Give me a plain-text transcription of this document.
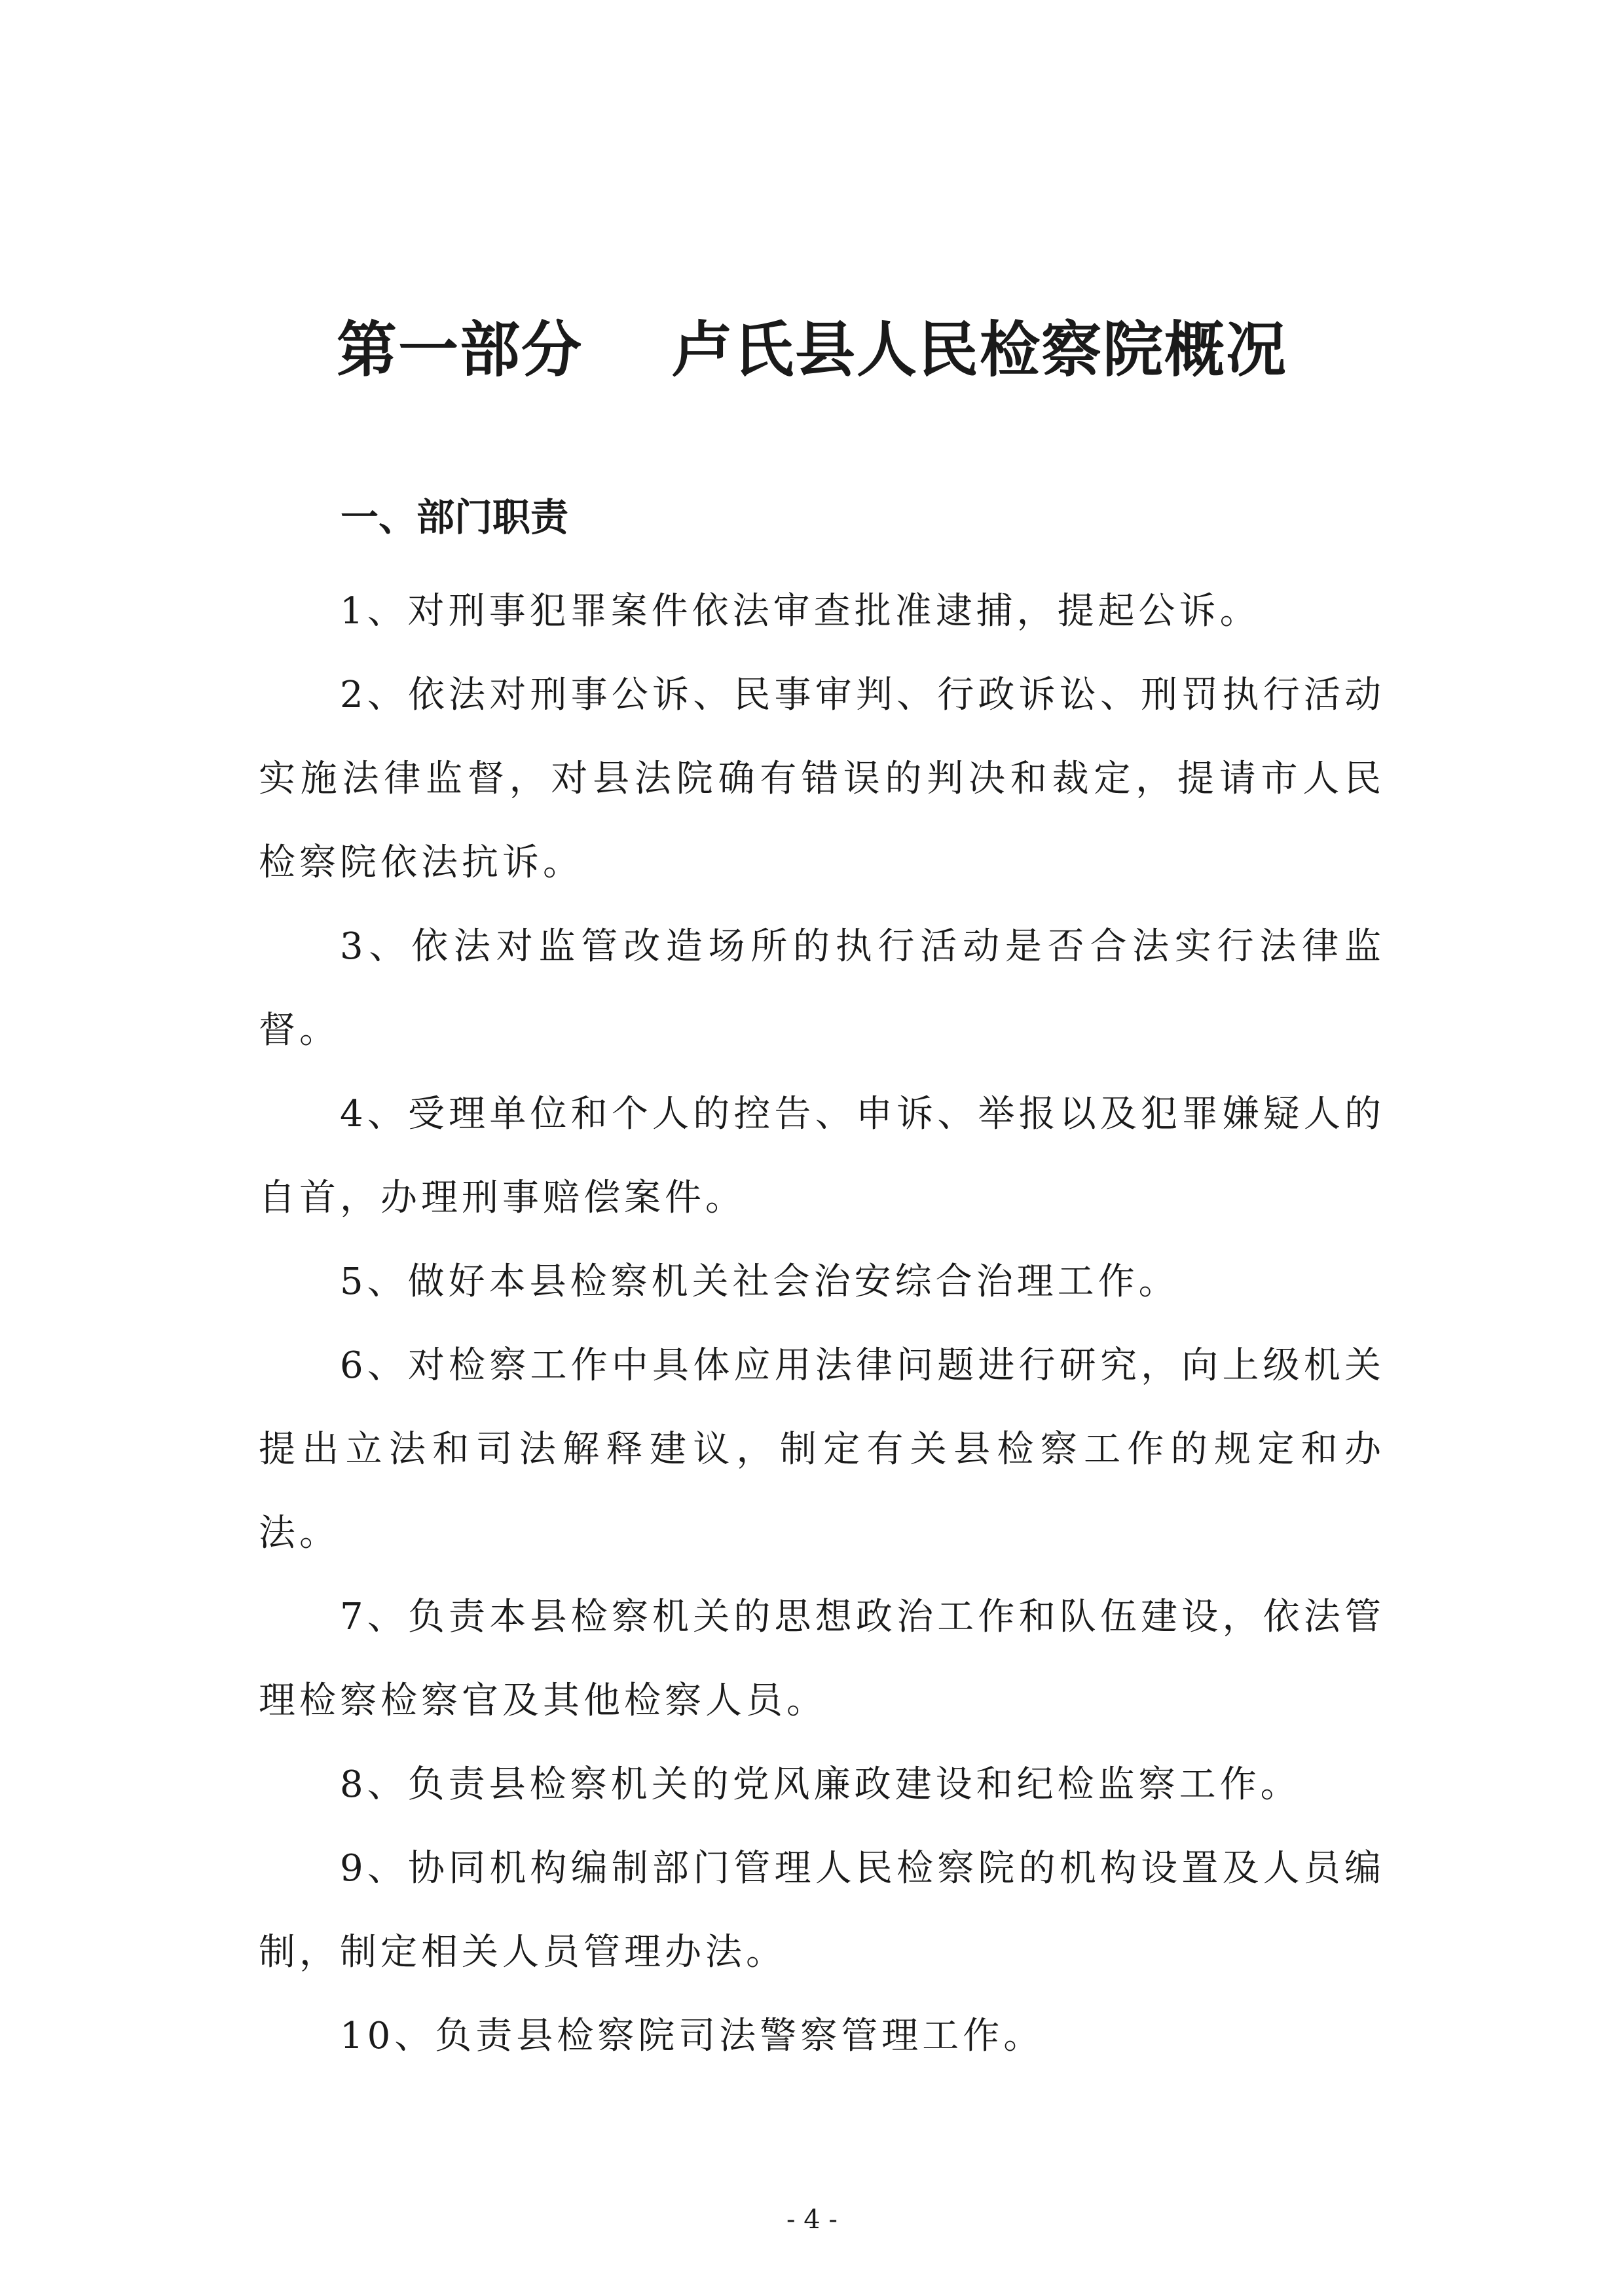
第一部分    卢氏县人民检察院概况
一、部门职责

1、对刑事犯罪案件依法审查批准逮捕，提起公诉。

2、依法对刑事公诉、民事审判、行政诉讼、刑罚执行活动实施法律监督，对县法院确有错误的判决和裁定，提请市人民检察院依法抗诉。

3、依法对监管改造场所的执行活动是否合法实行法律监督。

4、受理单位和个人的控告、申诉、举报以及犯罪嫌疑人的自首，办理刑事赔偿案件。

5、做好本县检察机关社会治安综合治理工作。

6、对检察工作中具体应用法律问题进行研究，向上级机关提出立法和司法解释建议，制定有关县检察工作的规定和办法。

7、负责本县检察机关的思想政治工作和队伍建设，依法管理检察检察官及其他检察人员。

8、负责县检察机关的党风廉政建设和纪检监察工作。

9、协同机构编制部门管理人民检察院的机构设置及人员编制，制定相关人员管理办法。

10、负责县检察院司法警察管理工作。

- 4 -
